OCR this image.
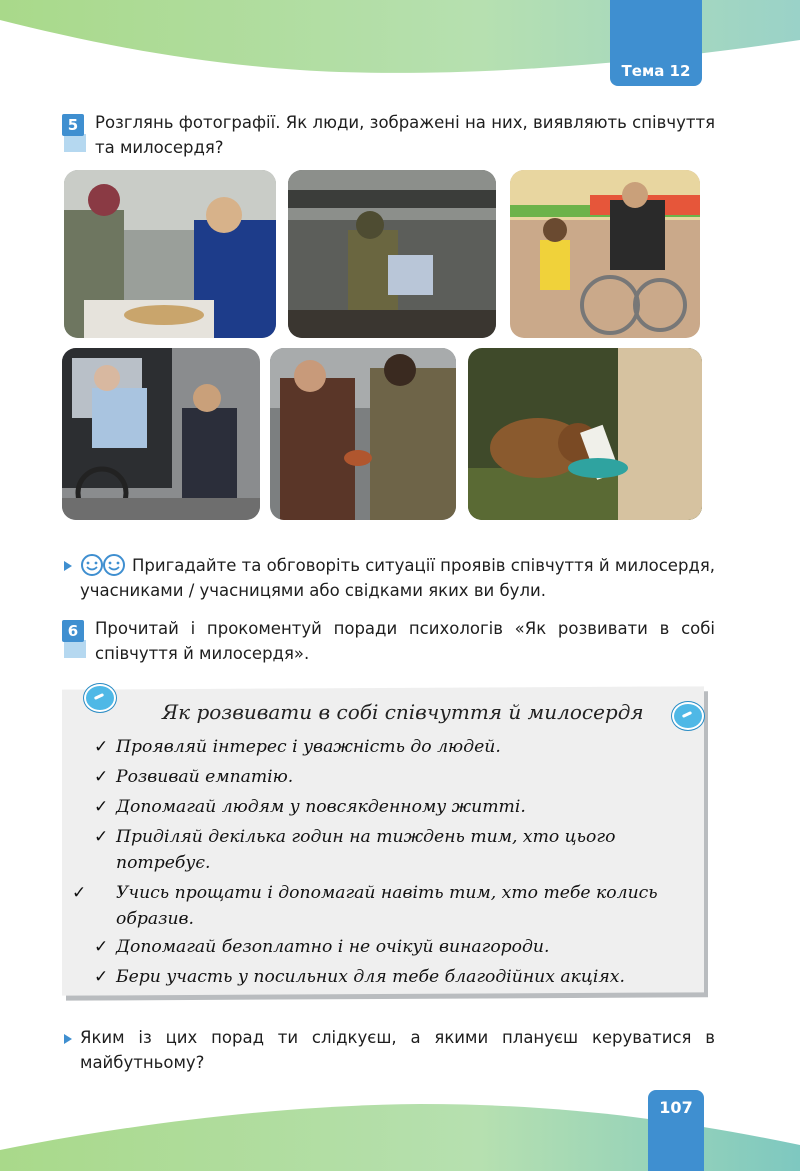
Тема 12
5	Розглянь фотографії. Як люди, зображені на них, виявляють співчуття та милосердя?
Пригадайте та обговоріть ситуації проявів співчуття й милосердя, учасниками / учасницями або свідками яких ви були.
6	Прочитай і прокоментуй поради психологів «Як розвивати в собі співчуття й милосердя».
Як розвивати в собі співчуття й милосердя
✓ Проявляй інтерес і уважність до людей.
✓ Розвивай емпатію.
✓ Допомагай людям у повсякденному житті.
✓ Приділяй декілька годин на тиждень тим, хто цього потребує.
✓ Учись прощати і допомагай навіть тим, хто тебе колись образив.
✓ Допомагай безоплатно і не очікуй винагороди.
✓ Бери участь у посильних для тебе благодійних акціях.
Яким із цих порад ти слідкуєш, а якими плануєш керуватися в майбутньому?
107
